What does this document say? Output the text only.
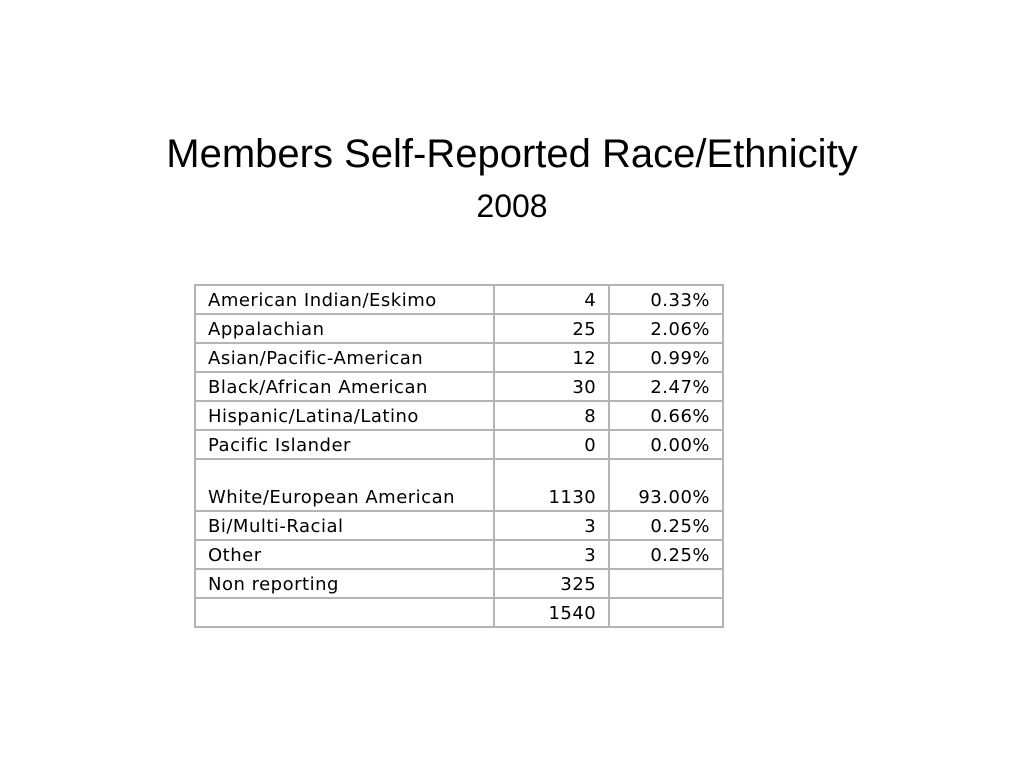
Members Self-Reported Race/Ethnicity
2008
American Indian/Eskimo	4	0.33%
Appalachian	25	2.06%
Asian/Pacific-American	12	0.99%
Black/African American	30	2.47%
Hispanic/Latina/Latino	8	0.66%
Pacific Islander	0	0.00%
White/European American	1130	93.00%
Bi/Multi-Racial	3	0.25%
Other	3	0.25%
Non reporting	325	
	1540	
